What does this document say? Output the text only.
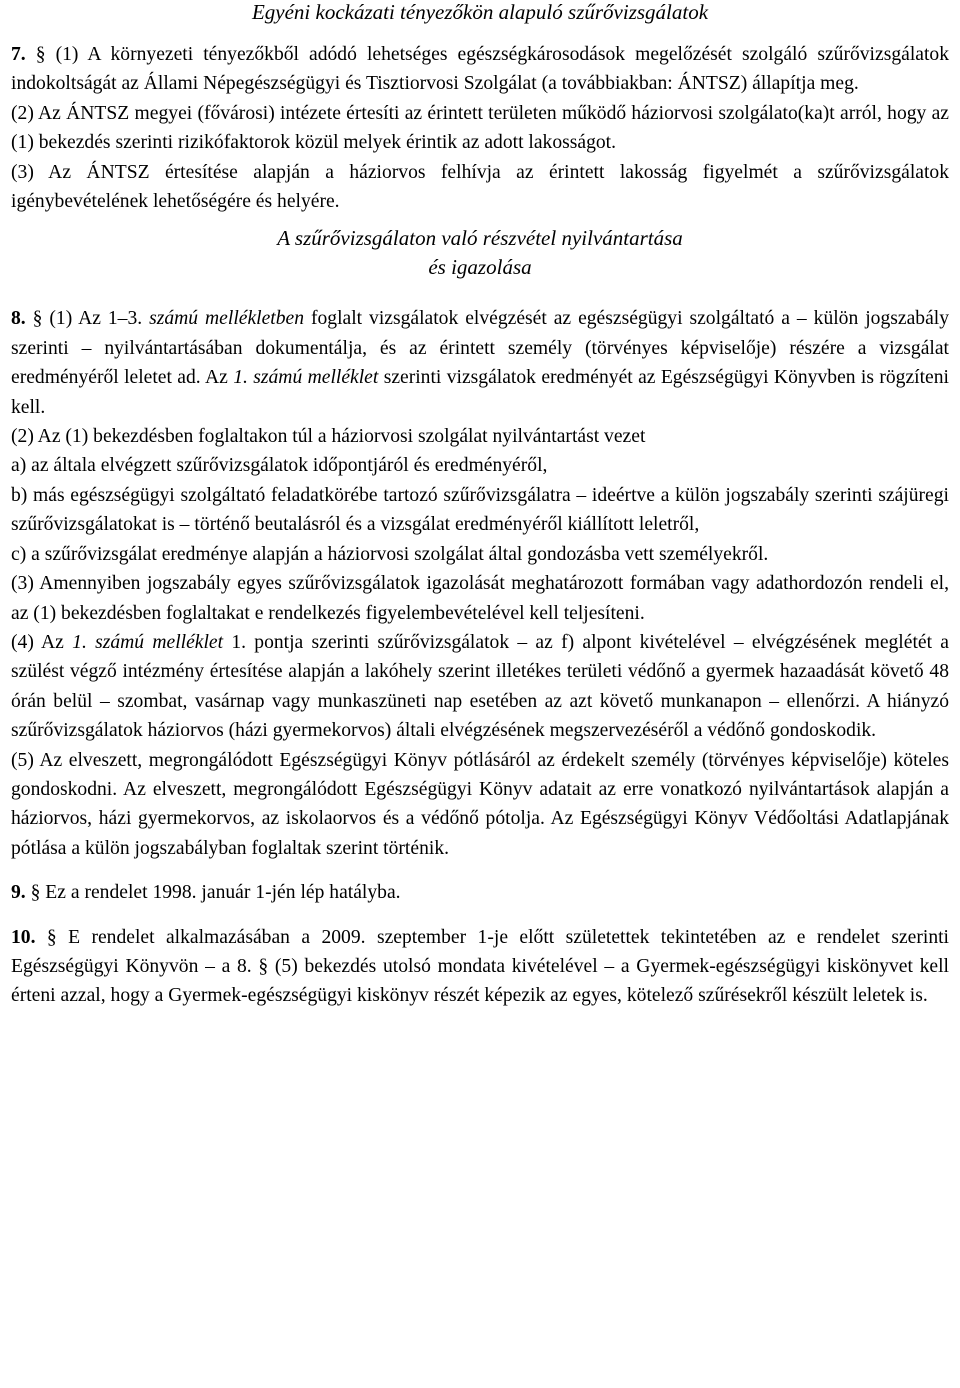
Egyéni kockázati tényezőkön alapuló szűrővizsgálatok

7. § (1) A környezeti tényezőkből adódó lehetséges egészségkárosodások megelőzését szolgáló szűrővizsgálatok indokoltságát az Állami Népegészségügyi és Tisztiorvosi Szolgálat (a továbbiakban: ÁNTSZ) állapítja meg.

(2) Az ÁNTSZ megyei (fővárosi) intézete értesíti az érintett területen működő háziorvosi szolgálato(ka)t arról, hogy az (1) bekezdés szerinti rizikófaktorok közül melyek érintik az adott lakosságot.

(3) Az ÁNTSZ értesítése alapján a háziorvos felhívja az érintett lakosság figyelmét a szűrővizsgálatok igénybevételének lehetőségére és helyére.

A szűrővizsgálaton való részvétel nyilvántartása
és igazolása

8. § (1) Az 1–3. számú mellékletben foglalt vizsgálatok elvégzését az egészségügyi szolgáltató a – külön jogszabály szerinti – nyilvántartásában dokumentálja, és az érintett személy (törvényes képviselője) részére a vizsgálat eredményéről leletet ad. Az 1. számú melléklet szerinti vizsgálatok eredményét az Egészségügyi Könyvben is rögzíteni kell.

(2) Az (1) bekezdésben foglaltakon túl a háziorvosi szolgálat nyilvántartást vezet

a) az általa elvégzett szűrővizsgálatok időpontjáról és eredményéről,

b) más egészségügyi szolgáltató feladatkörébe tartozó szűrővizsgálatra – ideértve a külön jogszabály szerinti szájüregi szűrővizsgálatokat is – történő beutalásról és a vizsgálat eredményéről kiállított leletről,

c) a szűrővizsgálat eredménye alapján a háziorvosi szolgálat által gondozásba vett személyekről.

(3) Amennyiben jogszabály egyes szűrővizsgálatok igazolását meghatározott formában vagy adathordozón rendeli el, az (1) bekezdésben foglaltakat e rendelkezés figyelembevételével kell teljesíteni.

(4) Az 1. számú melléklet 1. pontja szerinti szűrővizsgálatok – az f) alpont kivételével – elvégzésének meglétét a szülést végző intézmény értesítése alapján a lakóhely szerint illetékes területi védőnő a gyermek hazaadását követő 48 órán belül – szombat, vasárnap vagy munkaszüneti nap esetében az azt követő munkanapon – ellenőrzi. A hiányzó szűrővizsgálatok háziorvos (házi gyermekorvos) általi elvégzésének megszervezéséről a védőnő gondoskodik.

(5) Az elveszett, megrongálódott Egészségügyi Könyv pótlásáról az érdekelt személy (törvényes képviselője) köteles gondoskodni. Az elveszett, megrongálódott Egészségügyi Könyv adatait az erre vonatkozó nyilvántartások alapján a háziorvos, házi gyermekorvos, az iskolaorvos és a védőnő pótolja. Az Egészségügyi Könyv Védőoltási Adatlapjának pótlása a külön jogszabályban foglaltak szerint történik.

9. § Ez a rendelet 1998. január 1-jén lép hatályba.

10. § E rendelet alkalmazásában a 2009. szeptember 1-je előtt születettek tekintetében az e rendelet szerinti Egészségügyi Könyvön – a 8. § (5) bekezdés utolsó mondata kivételével – a Gyermek-egészségügyi kiskönyvet kell érteni azzal, hogy a Gyermek-egészségügyi kiskönyv részét képezik az egyes, kötelező szűrésekről készült leletek is.
